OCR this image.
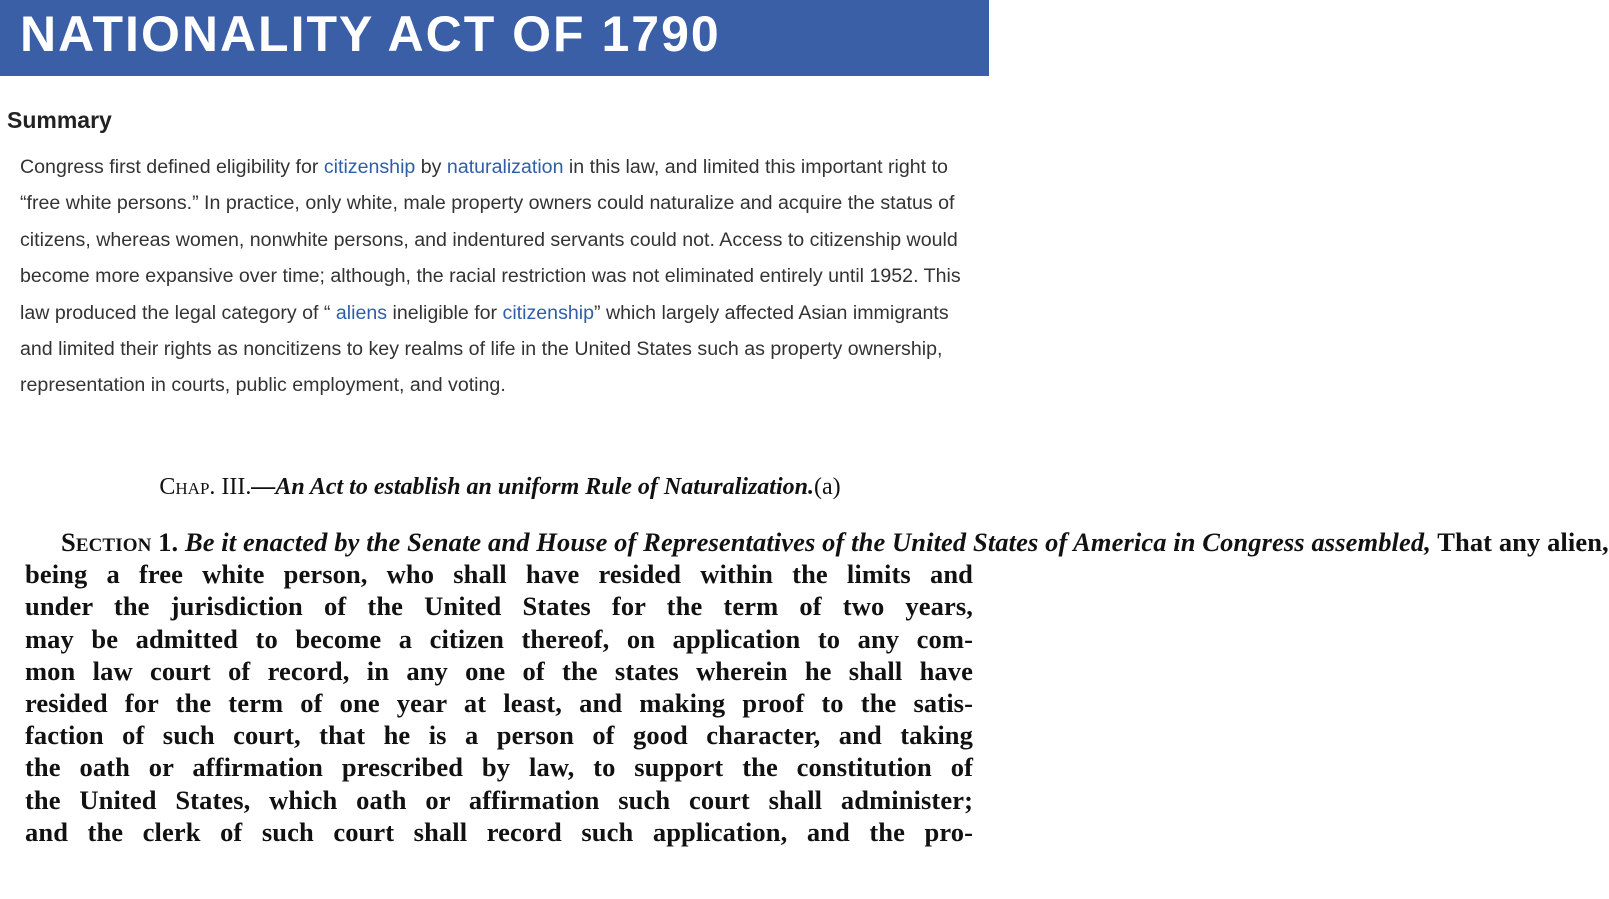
NATIONALITY ACT OF 1790
Summary

Congress first defined eligibility for citizenship by naturalization in this law, and limited this important right to “free white persons.” In practice, only white, male property owners could naturalize and acquire the status of citizens, whereas women, nonwhite persons, and indentured servants could not. Access to citizenship would become more expansive over time; although, the racial restriction was not eliminated entirely until 1952. This law produced the legal category of “ aliens ineligible for citizenship” which largely affected Asian immigrants and limited their rights as noncitizens to key realms of life in the United States such as property ownership, representation in courts, public employment, and voting.

Chap. III.—An Act to establish an uniform Rule of Naturalization.(a)
Section 1. Be it enacted by the Senate and House of Representatives of the United States of America in Congress assembled, That any alien,
being a free white person, who shall have resided within the limits and
under the jurisdiction of the United States for the term of two years,
may be admitted to become a citizen thereof, on application to any com-
mon law court of record, in any one of the states wherein he shall have
resided for the term of one year at least, and making proof to the satis-
faction of such court, that he is a person of good character, and taking
the oath or affirmation prescribed by law, to support the constitution of
the United States, which oath or affirmation such court shall administer;
and the clerk of such court shall record such application, and the pro-
